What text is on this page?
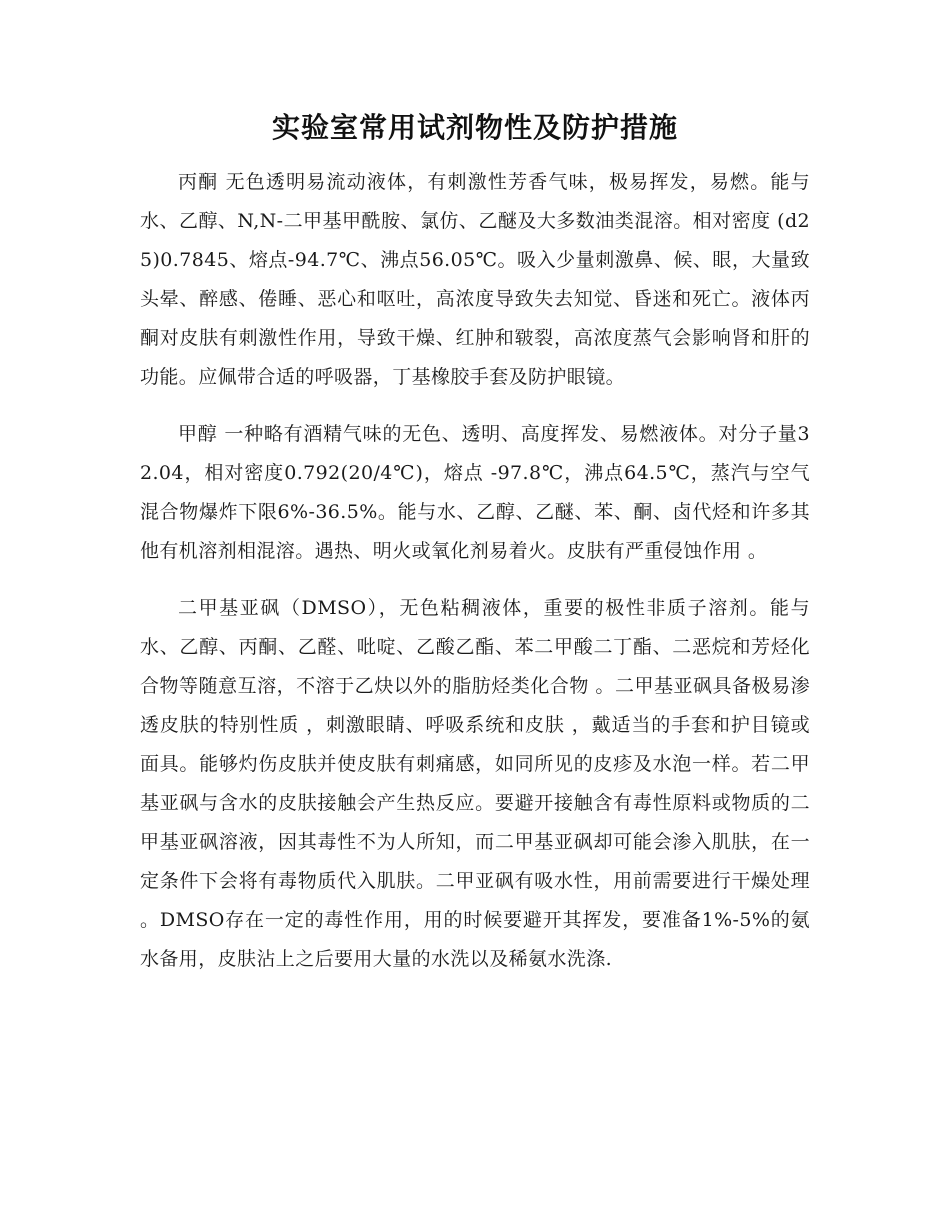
实验室常用试剂物性及防护措施

丙酮 无色透明易流动液体，有刺激性芳香气味，极易挥发，易燃。能与水、乙醇、N,N-二甲基甲酰胺、氯仿、乙醚及大多数油类混溶。相对密度 (d25)0.7845、熔点-94.7℃、沸点56.05℃。吸入少量刺激鼻、候、眼，大量致头晕、醉感、倦睡、恶心和呕吐，高浓度导致失去知觉、昏迷和死亡。液体丙酮对皮肤有刺激性作用，导致干燥、红肿和皲裂，高浓度蒸气会影响肾和肝的功能。应佩带合适的呼吸器，丁基橡胶手套及防护眼镜。

甲醇 一种略有酒精气味的无色、透明、高度挥发、易燃液体。对分子量32.04，相对密度0.792(20/4℃)，熔点 -97.8℃，沸点64.5℃，蒸汽与空气混合物爆炸下限6%-36.5%。能与水、乙醇、乙醚、苯、酮、卤代烃和许多其他有机溶剂相混溶。遇热、明火或氧化剂易着火。皮肤有严重侵蚀作用 。

二甲基亚砜（DMSO），无色粘稠液体，重要的极性非质子溶剂。能与水、乙醇、丙酮、乙醛、吡啶、乙酸乙酯、苯二甲酸二丁酯、二恶烷和芳烃化合物等随意互溶，不溶于乙炔以外的脂肪烃类化合物 。二甲基亚砜具备极易渗透皮肤的特别性质 ，刺激眼睛、呼吸系统和皮肤 ，戴适当的手套和护目镜或面具。能够灼伤皮肤并使皮肤有刺痛感，如同所见的皮疹及水泡一样。若二甲基亚砜与含水的皮肤接触会产生热反应。要避开接触含有毒性原料或物质的二甲基亚砜溶液，因其毒性不为人所知，而二甲基亚砜却可能会渗入肌肤，在一定条件下会将有毒物质代入肌肤。二甲亚砜有吸水性，用前需要进行干燥处理 。DMSO存在一定的毒性作用，用的时候要避开其挥发，要准备1%-5%的氨水备用，皮肤沾上之后要用大量的水洗以及稀氨水洗涤.
